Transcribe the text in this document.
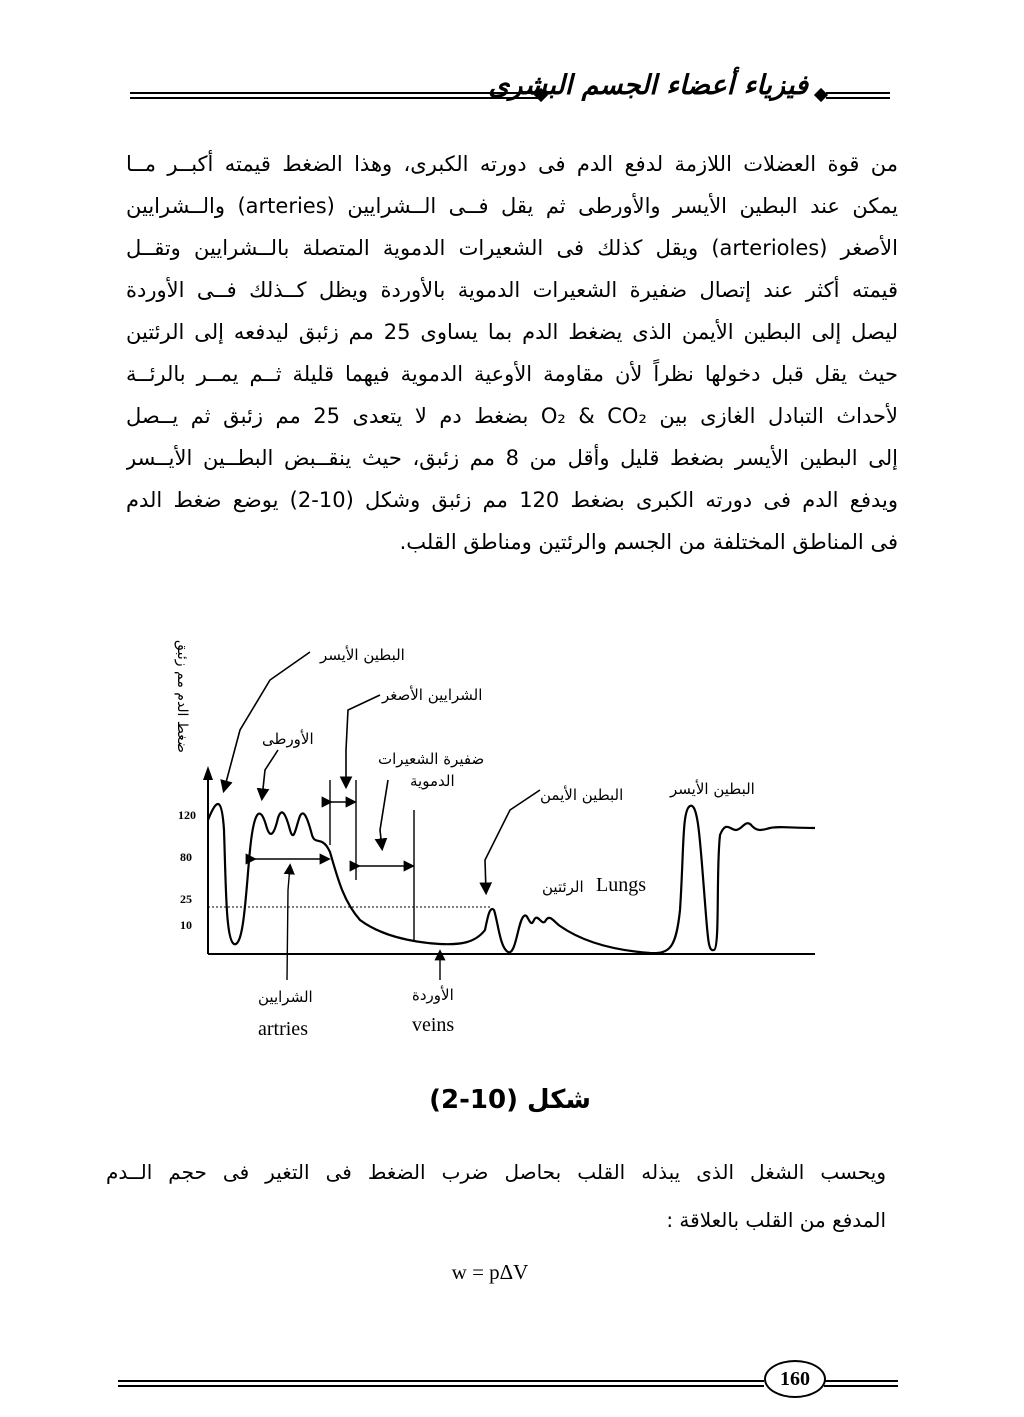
فيزياء أعضاء الجسم البشرى
من قوة العضلات اللازمة لدفع الدم فى دورته الكبرى، وهذا الضغط قيمته أكبــر مــا
يمكن عند البطين الأيسر والأورطى ثم يقل فــى الــشرايين (arteries) والــشرايين
الأصغر (arterioles) ويقل كذلك فى الشعيرات الدموية المتصلة بالــشرايين وتقــل
قيمته أكثر عند إتصال ضفيرة الشعيرات الدموية بالأوردة ويظل كــذلك فــى الأوردة
ليصل إلى البطين الأيمن الذى يضغط الدم بما يساوى 25 مم زئبق ليدفعه إلى الرئتين
حيث يقل قبل دخولها نظراً لأن مقاومة الأوعية الدموية فيهما قليلة ثــم يمــر بالرئــة
لأحداث التبادل الغازى بين O₂ & CO₂ بضغط دم لا يتعدى 25 مم زئبق ثم يــصل
إلى البطين الأيسر بضغط قليل وأقل من 8 مم زئبق، حيث ينقــبض البطــين الأيــسر
ويدفع الدم فى دورته الكبرى بضغط 120 مم زئبق وشكل (10-2) يوضع ضغط الدم
فى المناطق المختلفة من الجسم والرئتين ومناطق القلب.
ضغط الدم مم زئبق
120
80
25
10
البطين الأيسر
الشرايين الأصغر
الأورطى
ضفيرة الشعيرات
الدموية
البطين الأيمن	البطين الأيسر
Lungs
الرئتين
الشرايين
artries
الأوردة
veins
شكل (10-2)
ويحسب الشغل الذى يبذله القلب بحاصل ضرب الضغط فى التغير فى حجم الــدم
المدفع من القلب بالعلاقة :
w = pΔV
160
